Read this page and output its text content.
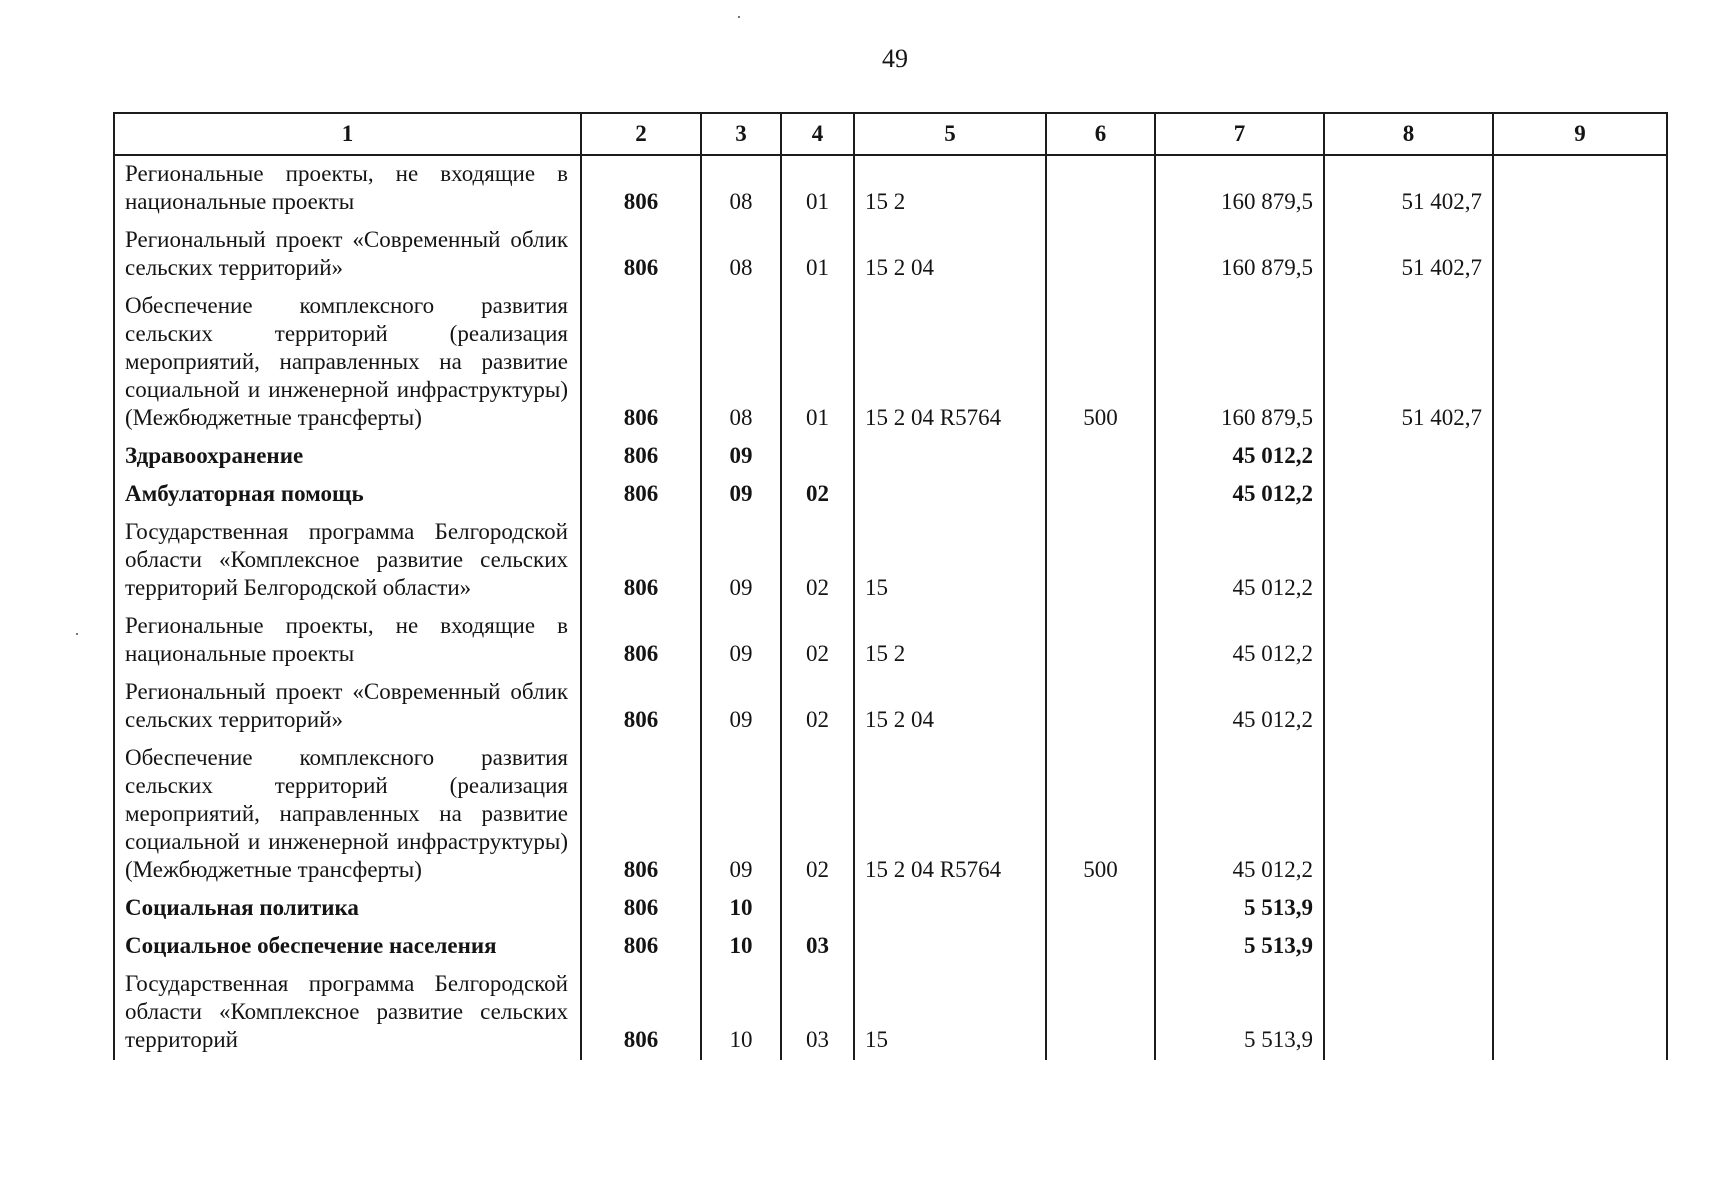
49
1	2	3	4	5	6	7	8	9
Региональные проекты, не входящие в национальные проекты	806	08	01	15 2		160 879,5	51 402,7	
Региональный проект «Современный облик сельских территорий»	806	08	01	15 2 04		160 879,5	51 402,7	
Обеспечение комплексного развития сельских территорий (реализация мероприятий, направленных на развитие социальной и инженерной инфраструктуры) (Межбюджетные трансферты)	806	08	01	15 2 04 R5764	500	160 879,5	51 402,7	
Здравоохранение	806	09				45 012,2		
Амбулаторная помощь	806	09	02			45 012,2		
Государственная программа Белгородской области «Комплексное развитие сельских территорий Белгородской области»	806	09	02	15		45 012,2		
Региональные проекты, не входящие в национальные проекты	806	09	02	15 2		45 012,2		
Региональный проект «Современный облик сельских территорий»	806	09	02	15 2 04		45 012,2		
Обеспечение комплексного развития сельских территорий (реализация мероприятий, направленных на развитие социальной и инженерной инфраструктуры) (Межбюджетные трансферты)	806	09	02	15 2 04 R5764	500	45 012,2		
Социальная политика	806	10				5 513,9		
Социальное обеспечение населения	806	10	03			5 513,9		
Государственная программа Белгородской области «Комплексное развитие сельских территорий	806	10	03	15		5 513,9		
